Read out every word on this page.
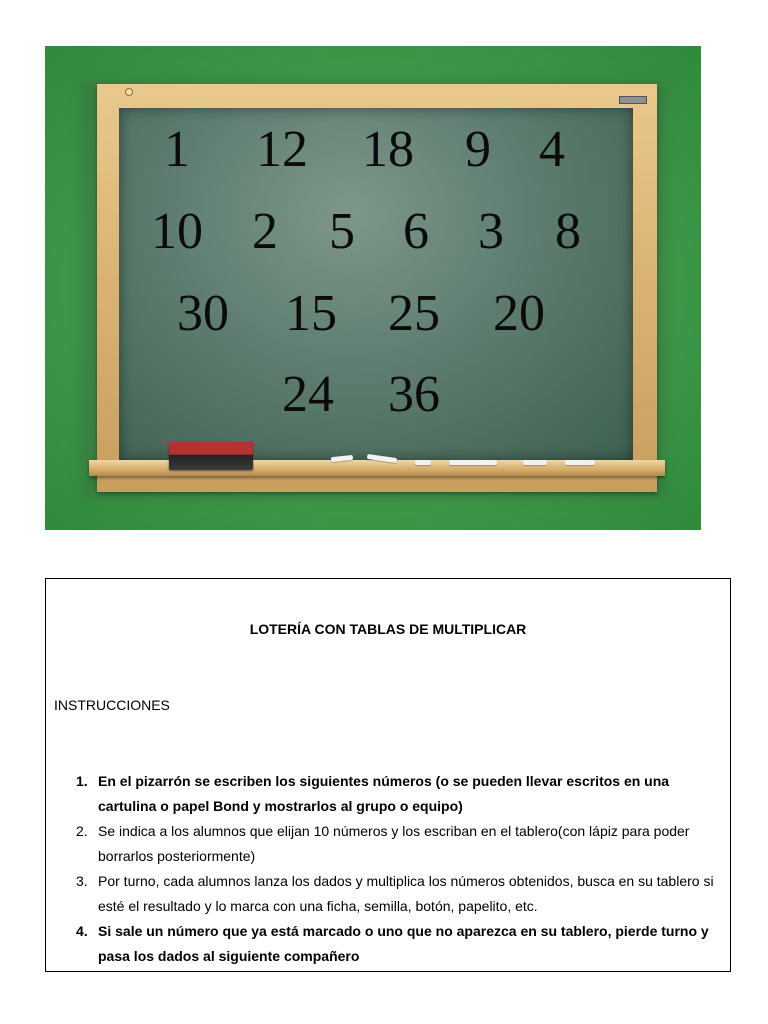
1 12 18 9 4
10 2 5 6 3 8
30 15 25 20
24 36
LOTERÍA CON TABLAS DE MULTIPLICAR
INSTRUCCIONES
1. En el pizarrón se escriben los siguientes números (o se pueden llevar escritos en una cartulina o papel Bond y mostrarlos al grupo o equipo)
2. Se indica a los alumnos que elijan 10 números y los escriban en el tablero(con lápiz para poder borrarlos posteriormente)
3. Por turno, cada alumnos lanza los dados y multiplica los números obtenidos, busca en su tablero si esté el resultado y lo marca con una ficha, semilla, botón, papelito, etc.
4. Si sale un número que ya está marcado o uno que no aparezca en su tablero, pierde turno y pasa los dados al siguiente compañero
